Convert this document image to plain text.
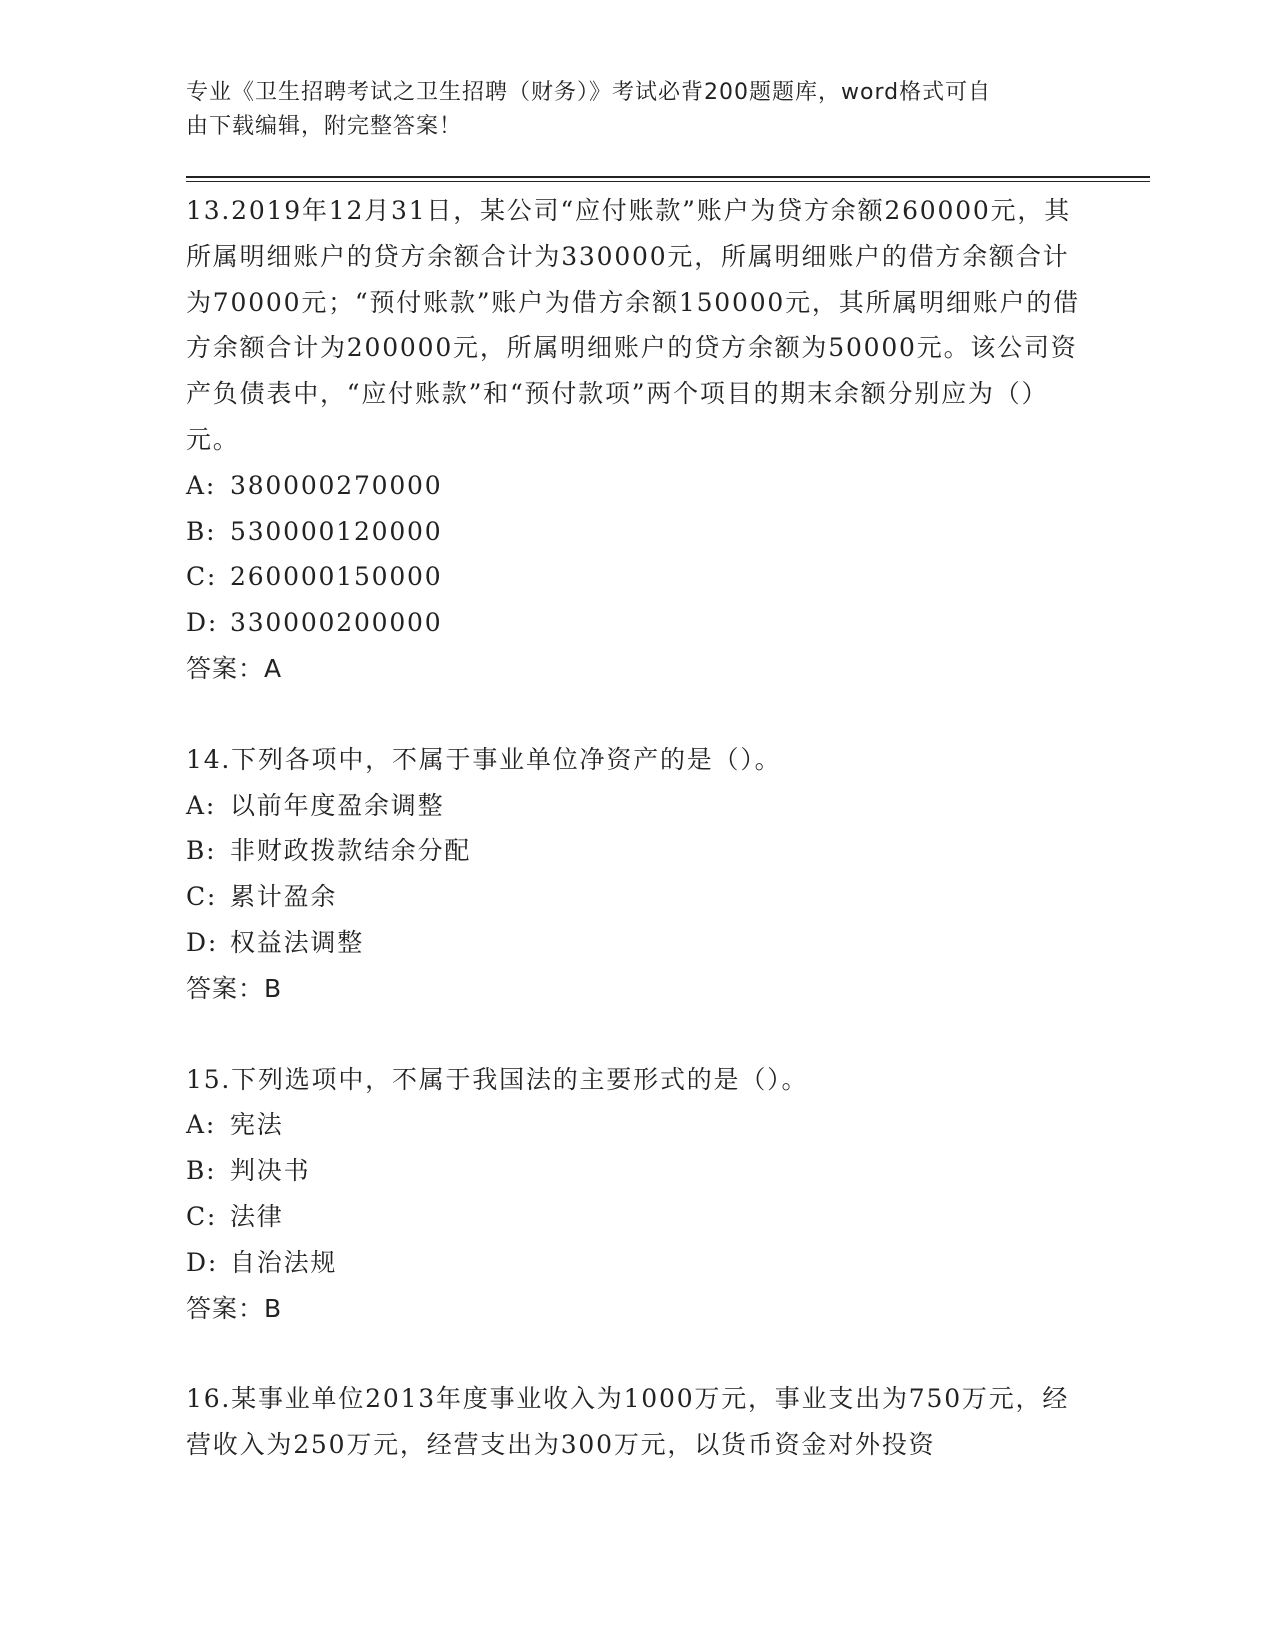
专业《卫生招聘考试之卫生招聘（财务）》考试必背200题题库，word格式可自
由下载编辑，附完整答案！

13.2019年12月31日，某公司“应付账款”账户为贷方余额260000元，其所属明细账户的贷方余额合计为330000元，所属明细账户的借方余额合计为70000元；“预付账款”账户为借方余额150000元，其所属明细账户的借方余额合计为200000元，所属明细账户的贷方余额为50000元。该公司资产负债表中，“应付账款”和“预付款项”两个项目的期末余额分别应为（）元。

A: 380000270000
B: 530000120000
C: 260000150000
D: 330000200000

答案：A

14.下列各项中，不属于事业单位净资产的是（）。

A: 以前年度盈余调整
B: 非财政拨款结余分配
C: 累计盈余
D: 权益法调整

答案：B

15.下列选项中，不属于我国法的主要形式的是（）。

A: 宪法
B: 判决书
C: 法律
D: 自治法规

答案：B

16.某事业单位2013年度事业收入为1000万元，事业支出为750万元，经营收入为250万元，经营支出为300万元，以货币资金对外投资
